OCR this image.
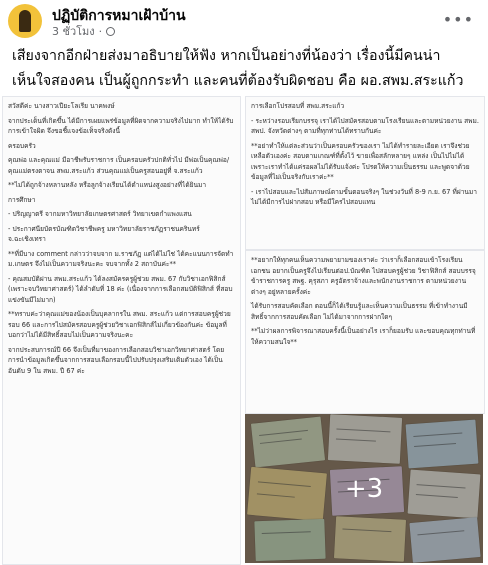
ปฏิบัติการหมาเฝ้าบ้าน
3 ชั่วโมง ·
•••
เสียงจากอีกฝ่ายส่งมาอธิบายให้ฟัง หากเป็นอย่างที่น้องว่า เรื่องนี้มีคนน่าเห็นใจสองคน เป็นผู้ถูกกระทำ และคนที่ต้องรับผิดชอบ คือ ผอ.สพม.สระแก้ว

สวัสดีค่ะ นางสาวเปียะโลเรีย นาคพงษ์

จากประเด็นที่เกิดขึ้น ได้มีการเผยแพร่ข้อมูลที่ผิดจากความจริงไปมาก ทำให้ได้รับการเข้าใจผิด จึงขอชี้แจงข้อเท็จจริงดังนี้

ครอบครัว

คุณพ่อ และคุณแม่ มีอาชีพรับราชการ เป็นครอบครัวปกติทั่วไป มีพ่อเป็นคุณพ่อ/คุณแม่ตรงตาจน สพม.สระแก้ว ส่วนคุณแม่เป็นครูสอนอยู่ที่ จ.สระแก้ว

**ไม่ได้ถูกจ้างหลานหลัง หรือลูกจ้างเรียนได้ตำแหน่งสูงอย่างที่ได้ยินมา

การศึกษา

- ปริญญาตรี จากมหาวิทยาลัยเกษตรศาสตร์ วิทยาเขตกำแพงแสน

- ประกาศนียบัตรบัณฑิตวิชาชีพครู มหาวิทยาลัยราชภัฏราชนครินทร์ จ.ฉะเชิงเทรา

**ที่มีบาง comment กล่าวว่าจบจาก ม.ราชภัฏ แต่ได้ไม่ใช่ ได้คะแนนการจัดทำ ม.เกษตร จึงไม่เป็นความจริงนะคะ จบจากทั้ง 2 สถาบันค่ะ**

- คุณสมบัติผ่าน สพม.สระแก้ว ได้ลงสมัครครูผู้ช่วย สพม. 67 กับวิชาเอกฟิสิกส์ (เพราะจบวิทยาศาสตร์) ได้ลำดับที่ 18 ค่ะ (เนื่องจากการเลือกสมบัติฟิสิกส์ ที่สอบแข่งขันมีไม่มาก)

**ทราบค่ะว่าคุณแม่ของน้องเป็นบุคลากรใน สพม. สระแก้ว แต่การสอบครูผู้ช่วยรอบ 66 และการไปสมัครสอบครูผู้ช่วยวิชาเอกฟิสิกส์ไม่เกี่ยวข้องกันค่ะ ข้อมูลที่บอกว่าไม่ได้มีสิทธิ์สอบไม่เป็นความจริงนะคะ

จากประสบการณ์ปี 66 จึงเป็นที่มาของการเลือกสอบวิชาเอกวิทยาศาสตร์ โดยการนำข้อมูลเกิดขึ้นจากการสอบเลือกรอบนี้ไปปรับปรุงเสริมเติมตัวเอง ได้เป็นอันดับ 9 ใน สพม. ปี 67 ค่ะ

การเลือกโปรสอบที่ สพม.สระแก้ว

- ระหว่างรอบเรียกบรรจุ เราได้ไปสมัครสอบตามโรงเรียนและตามหน่วยงาน สพม. สพป. จังหวัดต่างๆ ตามที่ทุกท่านได้ทราบกันค่ะ

**อย่าทำให้แต่ละส่วนว่าเป็นครอบครัวของเรา ไม่ได้ทำรายละเอียด เราจึงช่วยเหลือตัวเองค่ะ สอบตามเกณฑ์ที่ตั้งไว้ ขายเพื่อสลักหลายๆ แหล่ง เป็นไปไม่ได้ เพราะเราทำได้แค่รอผลไม่ได้รับแจ้งค่ะ โปรดให้ความเป็นธรรม และพูดจาด้วยข้อมูลที่ไม่เป็นจริงกับเราค่ะ**

- เราไปสอบและไปสัมภาษณ์ตามขั้นตอนจริงๆ ในช่วงวันที่ 8-9 ก.ย. 67 ที่ผ่านมา ไม่ได้มีการไปฝากสอบ หรือมีใครไปสอบแทน

**อยากให้ทุกคนเห็นความพยายามของเราค่ะ ว่าเราก็เลือกสอบเข้าโรงเรียนเอกชน อยากเป็นครูจึงไปเรียนต่อป.บัณฑิต ไปสอบครูผู้ช่วย วิชาฟิสิกส์ สอบบรรจุข้าราชการครู สพฐ. คุรุสภา ครูอัตราจ้างและพนักงานราชการ ตามหน่วยงานต่างๆ อยู่หลายครั้งค่ะ

ได้รับการสอบคัดเลือก ตอนนี้ก็ได้เรียนรู้และเห็นความเป็นธรรม ที่เข้าทำงานมีสิทธิ์จากการสอบคัดเลือก ไม่ได้มาจากการฝากใดๆ

**ไม่ว่าผลการพิจารณาสอบครั้งนี้เป็นอย่างไร เราก็ยอมรับ และขอบคุณทุกท่านที่ให้ความสนใจ**

+3
